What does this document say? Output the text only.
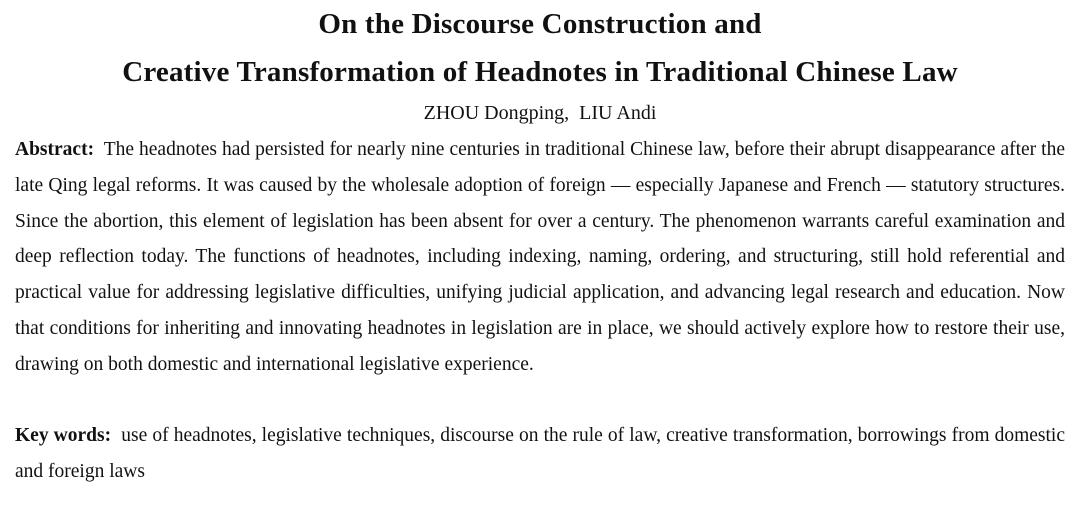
On the Discourse Construction and
Creative Transformation of Headnotes in Traditional Chinese Law
ZHOU Dongping,  LIU Andi

Abstract: The headnotes had persisted for nearly nine centuries in traditional Chinese law, before their abrupt disappearance after the late Qing legal reforms. It was caused by the wholesale adoption of foreign — especially Japanese and French — statutory structures. Since the abortion, this element of legislation has been absent for over a century. The phenomenon warrants careful examination and deep reflection today. The functions of headnotes, including indexing, naming, ordering, and structuring, still hold referential and practical value for addressing legislative difficulties, unifying judicial application, and advancing legal research and education. Now that conditions for inheriting and innovating headnotes in legislation are in place, we should actively explore how to restore their use, drawing on both domestic and international legislative experience.

Key words: use of headnotes, legislative techniques, discourse on the rule of law, creative transformation, borrowings from domestic and foreign laws
